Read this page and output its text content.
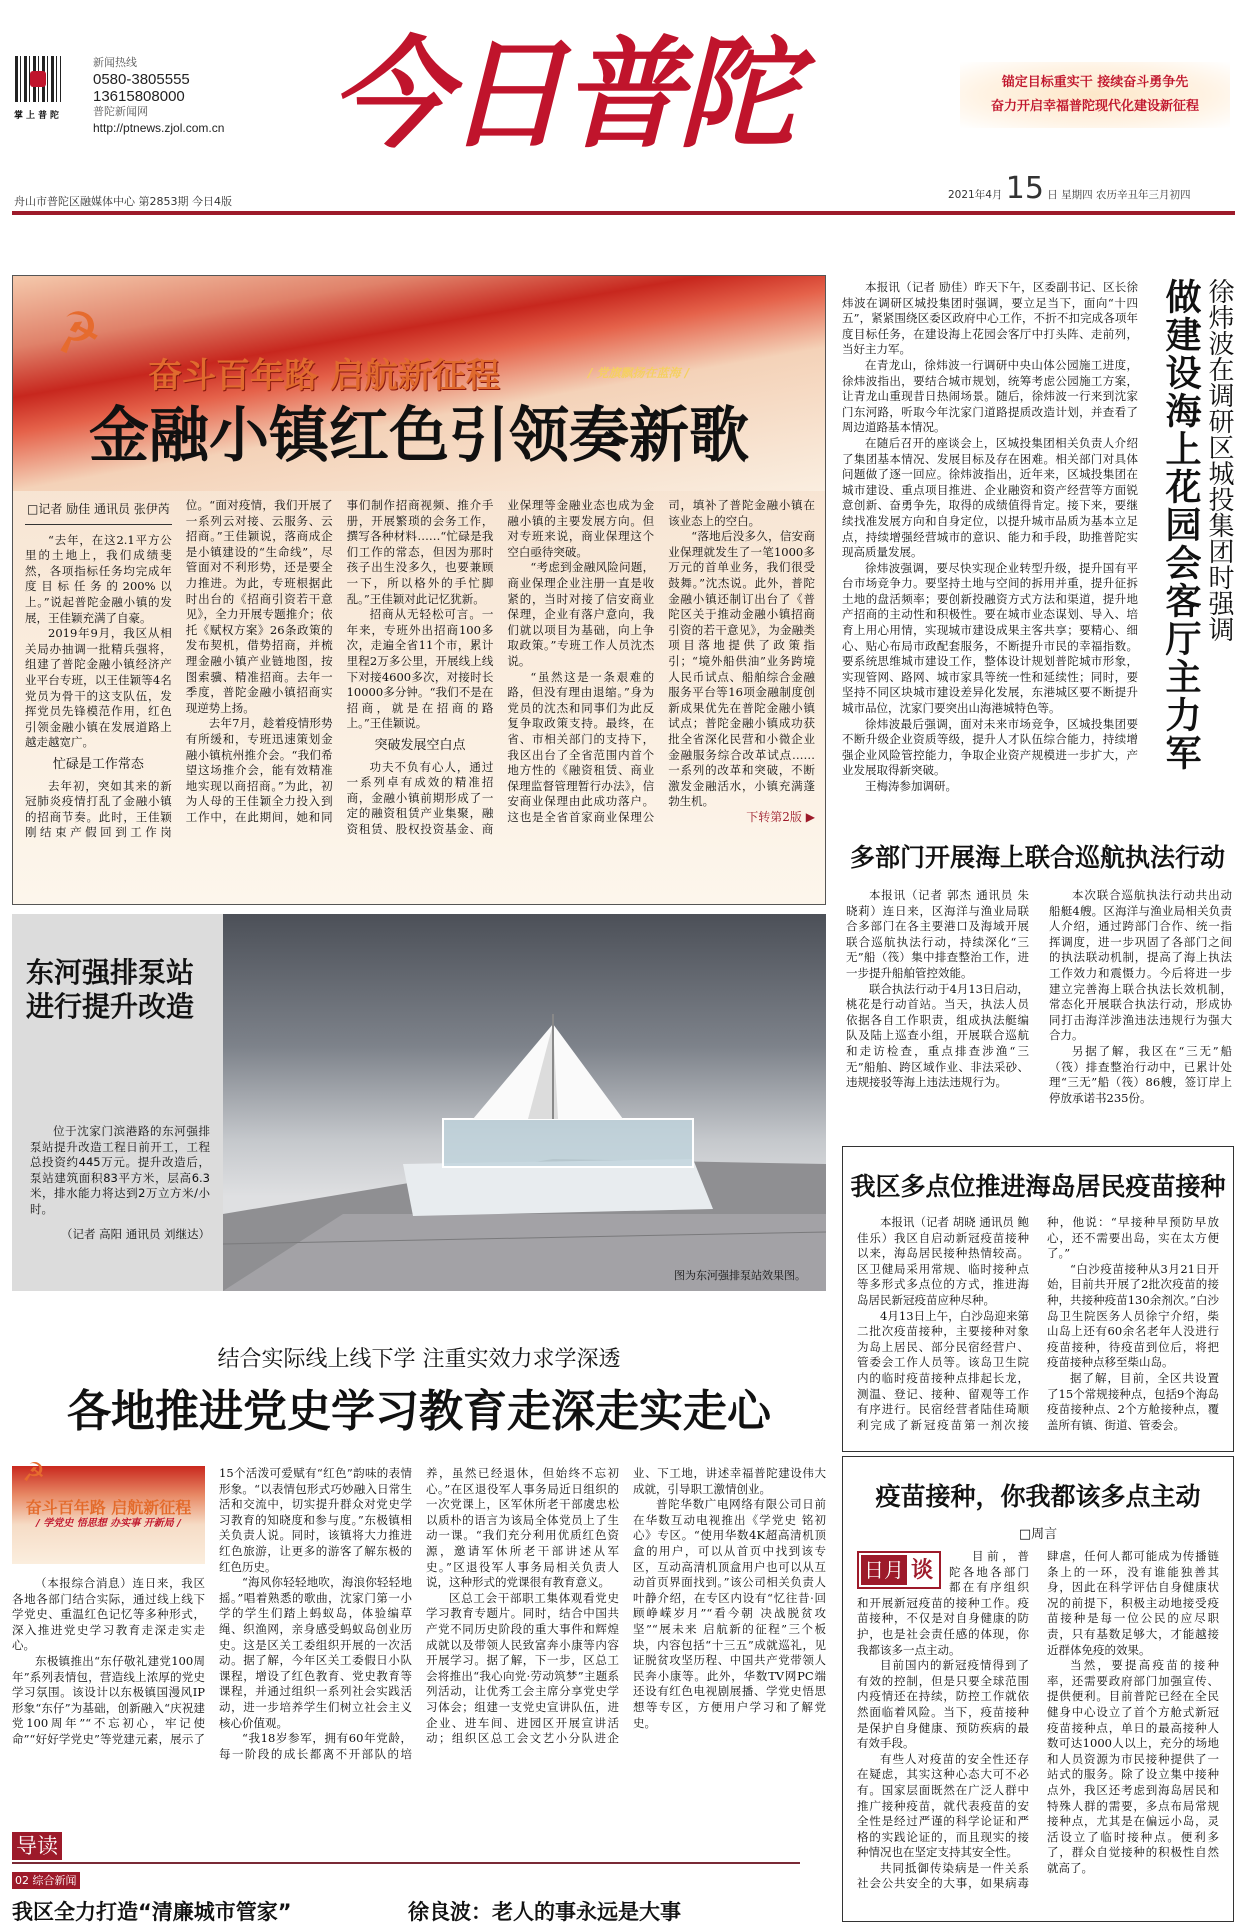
掌上普陀
新闻热线
0580-3805555
13615808000
普陀新闻网
http://ptnews.zjol.com.cn 今日普陀	锚定目标重实干 接续奋斗勇争先
奋力开启幸福普陀现代化建设新征程
舟山市普陀区融媒体中心 第2853期 今日4版	2021年4月 15 日 星期四 农历辛丑年三月初四
☭
奋斗百年路 启航新征程	/ 党旗飘扬在蓝海 /
金融小镇红色引领奏新歌
□记者 励佳 通讯员 张伊芮

“去年，在这2.1平方公里的土地上，我们成绩斐然，各项指标任务均完成年度目标任务的200%以上。”说起普陀金融小镇的发展，王佳颖充满了自豪。

2019年9月，我区从相关局办抽调一批精兵强将，组建了普陀金融小镇经济产业平台专班，以王佳颖等4名党员为骨干的这支队伍，发挥党员先锋模范作用，红色引领金融小镇在发展道路上越走越宽广。

忙碌是工作常态

去年初，突如其来的新冠肺炎疫情打乱了金融小镇的招商节奏。此时，王佳颖刚结束产假回到工作岗位。“面对疫情，我们开展了一系列云对接、云服务、云招商。”王佳颖说，落商成企是小镇建设的“生命线”，尽管面对不利形势，还是要全力推进。为此，专班根据此时出台的《招商引资若干意见》，全力开展专题推介；依托《赋权方案》26条政策的发布契机，借势招商，并梳理金融小镇产业链地图，按图索骥、精准招商。去年一季度，普陀金融小镇招商实现逆势上扬。

去年7月，趁着疫情形势有所缓和，专班迅速策划金融小镇杭州推介会。“我们希望这场推介会，能有效精准地实现以商招商。”为此，初为人母的王佳颖全力投入到工作中，在此期间，她和同事们制作招商视频、推介手册，开展繁琐的会务工作，撰写各种材料……“忙碌是我们工作的常态，但因为那时孩子出生没多久，也要兼顾一下，所以格外的手忙脚乱。”王佳颖对此记忆犹新。

招商从无轻松可言。一年来，专班外出招商100多次，走遍全省11个市，累计里程2万多公里，开展线上线下对接4600多次，对接时长10000多分钟。“我们不是在招商，就是在招商的路上。”王佳颖说。

突破发展空白点

功夫不负有心人，通过一系列卓有成效的精准招商，金融小镇前期形成了一定的融资租赁产业集聚，融资租赁、股权投资基金、商业保理等金融业态也成为金融小镇的主要发展方向。但对专班来说，商业保理这个空白亟待突破。

“考虑到金融风险问题，商业保理企业注册一直是收紧的，当时对接了信安商业保理，企业有落户意向，我们就以项目为基础，向上争取政策。”专班工作人员沈杰说。

“虽然这是一条艰难的路，但没有理由退缩。”身为党员的沈杰和同事们为此反复争取政策支持。最终，在省、市相关部门的支持下，我区出台了全省范围内首个地方性的《融资租赁、商业保理监督管理暂行办法》，信安商业保理由此成功落户。这也是全省首家商业保理公司，填补了普陀金融小镇在该业态上的空白。

“落地后没多久，信安商业保理就发生了一笔1000多万元的首单业务，我们很受鼓舞。”沈杰说。此外，普陀金融小镇还制订出台了《普陀区关于推动金融小镇招商引资的若干意见》，为金融类项目落地提供了政策指引；“境外船供油”业务跨境人民币试点、船舶综合金融服务平台等16项金融制度创新成果优先在普陀金融小镇试点；普陀金融小镇成功获批全省深化民营和小微企业金融服务综合改革试点……一系列的改革和突破，不断激发金融活水，小镇充满蓬勃生机。

下转第2版 ▶

本报讯（记者 励佳）昨天下午，区委副书记、区长徐炜波在调研区城投集团时强调，要立足当下，面向“十四五”，紧紧围绕区委区政府中心工作，不折不扣完成各项年度目标任务，在建设海上花园会客厅中打头阵、走前列，当好主力军。

在青龙山，徐炜波一行调研中央山体公园施工进度，徐炜波指出，要结合城市规划，统筹考虑公园施工方案，让青龙山重现昔日热闹场景。随后，徐炜波一行来到沈家门东河路，听取今年沈家门道路提质改造计划，并查看了周边道路基本情况。

在随后召开的座谈会上，区城投集团相关负责人介绍了集团基本情况、发展目标及存在困难。相关部门对具体问题做了逐一回应。徐炜波指出，近年来，区城投集团在城市建设、重点项目推进、企业融资和资产经营等方面锐意创新、奋勇争先，取得的成绩值得肯定。接下来，要继续找准发展方向和自身定位，以提升城市品质为基本立足点，持续增强经营城市的意识、能力和手段，助推普陀实现高质量发展。

徐炜波强调，要尽快实现企业转型升级，提升国有平台市场竞争力。要坚持土地与空间的拆用并重，提升征拆土地的盘活频率；要创新投融资方式方法和渠道，提升地产招商的主动性和积极性。要在城市业态谋划、导入、培育上用心用情，实现城市建设成果主客共享；要精心、细心、贴心布局市政配套服务，不断提升市民的幸福指数。要系统思维城市建设工作，整体设计规划普陀城市形象，实现管网、路网、城市家具等统一性和延续性；同时，要坚持不同区块城市建设差异化发展，东港城区要不断提升城市品位，沈家门要突出山海港城特色等。

徐炜波最后强调，面对未来市场竞争，区城投集团要不断升级企业资质等级，提升人才队伍综合能力，持续增强企业风险管控能力，争取企业资产规模进一步扩大，产业发展取得新突破。

王梅涛参加调研。

做建设海上花园会客厅主力军 徐炜波在调研区城投集团时强调
多部门开展海上联合巡航执法行动

本报讯（记者 郭杰 通讯员 朱晓莉）连日来，区海洋与渔业局联合多部门在各主要港口及海域开展联合巡航执法行动，持续深化“三无”船（筏）集中排查整治工作，进一步提升船舶管控效能。

联合执法行动于4月13日启动，桃花是行动首站。当天，执法人员依据各自工作职责，组成执法艇编队及陆上巡查小组，开展联合巡航和走访检查，重点排查涉渔“三无”船舶、跨区域作业、非法采砂、违规接驳等海上违法违规行为。

本次联合巡航执法行动共出动船艇4艘。区海洋与渔业局相关负责人介绍，通过跨部门合作、统一指挥调度，进一步巩固了各部门之间的执法联动机制，提高了海上执法工作效力和震慑力。今后将进一步建立完善海上联合执法长效机制，常态化开展联合执法行动，形成协同打击海洋涉渔违法违规行为强大合力。

另据了解，我区在“三无”船（筏）排查整治行动中，已累计处理“三无”船（筏）86艘，签订岸上停放承诺书235份。

我区多点位推进海岛居民疫苗接种

本报讯（记者 胡晓 通讯员 鲍佳乐）我区自启动新冠疫苗接种以来，海岛居民接种热情较高。区卫健局采用常规、临时接种点等多形式多点位的方式，推进海岛居民新冠疫苗应种尽种。

4月13日上午，白沙岛迎来第二批次疫苗接种，主要接种对象为岛上居民、部分民宿经营户、管委会工作人员等。该岛卫生院内的临时疫苗接种点排起长龙，测温、登记、接种、留观等工作有序进行。民宿经营者陆佳琦顺利完成了新冠疫苗第一剂次接种，他说：“早接种早预防早放心，还不需要出岛，实在太方便了。”

“白沙疫苗接种从3月21日开始，目前共开展了2批次疫苗的接种，共接种疫苗130余剂次。”白沙岛卫生院医务人员徐宁介绍，柴山岛上还有60余名老年人没进行疫苗接种，待疫苗到位后，将把疫苗接种点移至柴山岛。

据了解，目前，全区共设置了15个常规接种点，包括9个海岛疫苗接种点、2个方舱接种点，覆盖所有镇、街道、管委会。

疫苗接种，你我都该多点主动
□周言
日月 谈

目前，普陀各地各部门都在有序组织和开展新冠疫苗的接种工作。疫苗接种，不仅是对自身健康的防护，也是社会责任感的体现，你我都该多一点主动。

目前国内的新冠疫情得到了有效的控制，但是只要全球范围内疫情还在持续，防控工作就依然面临着风险。当下，疫苗接种是保护自身健康、预防疾病的最有效手段。

有些人对疫苗的安全性还存在疑虑，其实这种心态大可不必有。国家层面既然在广泛人群中推广接种疫苗，就代表疫苗的安全性是经过严谨的科学论证和严格的实践论证的，而且现实的接种情况也在坚定支持其安全性。

共同抵御传染病是一件关系社会公共安全的大事，如果病毒肆虐，任何人都可能成为传播链条上的一环，没有谁能独善其身，因此在科学评估自身健康状况的前提下，积极主动地接受疫苗接种是每一位公民的应尽职责，只有基数足够大，才能越接近群体免疫的效果。

当然，要提高疫苗的接种率，还需要政府部门加强宣传、提供便利。目前普陀已经在全民健身中心设立了首个方舱式新冠疫苗接种点，单日的最高接种人数可达1000人以上，充分的场地和人员资源为市民接种提供了一站式的服务。除了设立集中接种点外，我区还考虑到海岛居民和特殊人群的需要，多点布局常规接种点，尤其是在偏远小岛，灵活设立了临时接种点。便利多了，群众自觉接种的积极性自然就高了。

东河强排泵站
进行提升改造

位于沈家门滨港路的东河强排泵站提升改造工程日前开工，工程总投资约445万元。提升改造后，泵站建筑面积83平方米，层高6.3米，排水能力将达到2万立方米/小时。

（记者 高阳 通讯员 刘继达）
图为东河强排泵站效果图。
结合实际线上线下学 注重实效力求学深透
各地推进党史学习教育走深走实走心
☭
奋斗百年路 启航新征程
/ 学党史 悟思想 办实事 开新局 /

（本报综合消息）连日来，我区各地各部门结合实际，通过线上线下学党史、重温红色记忆等多种形式，深入推进党史学习教育走深走实走心。

东极镇推出“东仔敬礼建党100周年”系列表情包，营造线上浓厚的党史学习氛围。该设计以东极镇国漫风IP形象“东仔”为基础，创新融入“庆祝建党100周年”“不忘初心，牢记使命”“好好学党史”等党建元素，展示了15个活泼可爱赋有“红色”韵味的表情形象。“以表情包形式巧妙融入日常生活和交流中，切实提升群众对党史学习教育的知晓度和参与度。”东极镇相关负责人说。同时，该镇将大力推进红色旅游，让更多的游客了解东极的红色历史。

“海风你轻轻地吹，海浪你轻轻地摇。”唱着熟悉的歌曲，沈家门第一小学的学生们踏上蚂蚁岛，体验编草绳、织渔网，亲身感受蚂蚁岛创业历史。这是区关工委组织开展的一次活动。据了解，今年区关工委假日小队课程，增设了红色教育、党史教育等课程，并通过组织一系列社会实践活动，进一步培养学生们树立社会主义核心价值观。

“我18岁参军，拥有60年党龄，每一阶段的成长都离不开部队的培养，虽然已经退休，但始终不忘初心。”在区退役军人事务局近日组织的一次党课上，区军休所老干部虞忠松以质朴的语言为该局全体党员上了生动一课。“我们充分利用优质红色资源，邀请军休所老干部讲述从军史。”区退役军人事务局相关负责人说，这种形式的党课很有教育意义。

区总工会干部职工集体观看党史学习教育专题片。同时，结合中国共产党不同历史阶段的重大事件和辉煌成就以及带领人民致富奔小康等内容开展学习。据了解，下一步，区总工会将推出“我心向党·劳动筑梦”主题系列活动，让优秀工会主席分享党史学习体会；组建一支党史宣讲队伍，进企业、进车间、进园区开展宣讲活动；组织区总工会文艺小分队进企业、下工地，讲述幸福普陀建设伟大成就，引导职工激情创业。

普陀华数广电网络有限公司日前在华数互动电视推出《学党史 铭初心》专区。“使用华数4K超高清机顶盒的用户，可以从首页中找到该专区，互动高清机顶盒用户也可以从互动首页界面找到。”该公司相关负责人叶静介绍，在专区内设有“忆往昔·回顾峥嵘岁月”“看今朝 决战脱贫攻坚”“展未来 启航新的征程”三个板块，内容包括“十三五”成就巡礼，见证脱贫攻坚历程、中国共产党带领人民奔小康等。此外，华数TV网PC端还设有红色电视剧展播、学党史悟思想等专区，方便用户学习和了解党史。

导读
02 综合新闻
我区全力打造“清廉城市管家”	徐良波：老人的事永远是大事
